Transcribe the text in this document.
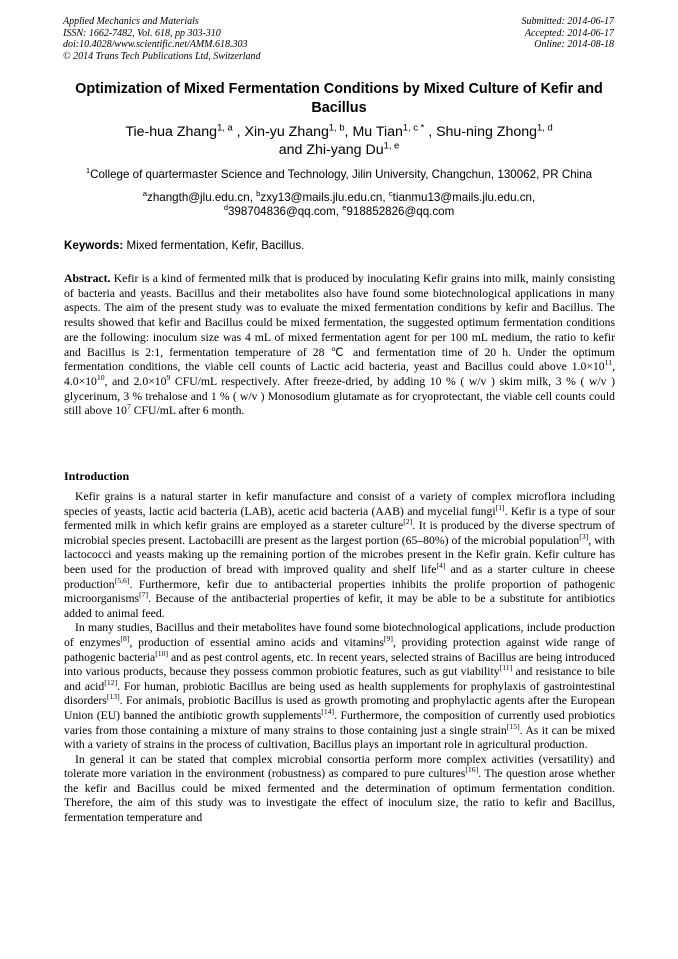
Applied Mechanics and Materials
ISSN: 1662-7482, Vol. 618, pp 303-310
doi:10.4028/www.scientific.net/AMM.618.303
© 2014 Trans Tech Publications Ltd, Switzerland
Submitted: 2014-06-17
Accepted: 2014-06-17
Online: 2014-08-18
Optimization of Mixed Fermentation Conditions by Mixed Culture of Kefir and Bacillus
Tie-hua Zhang$^{1, a}$ , Xin-yu Zhang$^{1, b}$, Mu Tian$^{1, c *}$ , Shu-ning Zhong$^{1, d}$
and Zhi-yang Du$^{1, e}$
$^1$College of quartermaster Science and Technology, Jilin University, Changchun, 130062, PR China
$^a$zhangth@jlu.edu.cn, $^b$zxy13@mails.jlu.edu.cn, $^c$tianmu13@mails.jlu.edu.cn,
$^d$398704836@qq.com, $^e$918852826@qq.com
Keywords: Mixed fermentation, Kefir, Bacillus.
Abstract. Kefir is a kind of fermented milk that is produced by inoculating Kefir grains into milk, mainly consisting of bacteria and yeasts. Bacillus and their metabolites also have found some biotechnological applications in many aspects. The aim of the present study was to evaluate the mixed fermentation conditions by kefir and Bacillus. The results showed that kefir and Bacillus could be mixed fermentation, the suggested optimum fermentation conditions are the following: inoculum size was 4 mL of mixed fermentation agent for per 100 mL medium, the ratio to kefir and Bacillus is 2:1, fermentation temperature of 28 ℃ and fermentation time of 20 h. Under the optimum fermentation conditions, the viable cell counts of Lactic acid bacteria, yeast and Bacillus could above $1.0\times 10^{11}$, $4.0\times 10^{10}$, and $2.0\times 10^9$ CFU/mL respectively. After freeze-dried, by adding 10 % ( w/v ) skim milk, 3 % ( w/v ) glycerinum, 3 % trehalose and 1 % ( w/v ) Monosodium glutamate as for cryoprotectant, the viable cell counts could still above $10^7$ CFU/mL after 6 month.
Introduction

Kefir grains is a natural starter in kefir manufacture and consist of a variety of complex microflora including species of yeasts, lactic acid bacteria (LAB), acetic acid bacteria (AAB) and mycelial fungi[1]. Kefir is a type of sour fermented milk in which kefir grains are employed as a stareter culture[2]. It is produced by the diverse spectrum of microbial species present. Lactobacilli are present as the largest portion (65–80%) of the microbial population[3], with lactococci and yeasts making up the remaining portion of the microbes present in the Kefir grain. Kefir culture has been used for the production of bread with improved quality and shelf life[4] and as a starter culture in cheese production[5,6]. Furthermore, kefir due to antibacterial properties inhibits the prolife proportion of pathogenic microorganisms[7]. Because of the antibacterial properties of kefir, it may be able to be a substitute for antibiotics added to animal feed.

In many studies, Bacillus and their metabolites have found some biotechnological applications, include production of enzymes[8], production of essential amino acids and vitamins[9], providing protection against wide range of pathogenic bacteria[10] and as pest control agents, etc. In recent years, selected strains of Bacillus are being introduced into various products, because they possess common probiotic features, such as gut viability[11] and resistance to bile and acid[12]. For human, probiotic Bacillus are being used as health supplements for prophylaxis of gastrointestinal disorders[13]. For animals, probiotic Bacillus is used as growth promoting and prophylactic agents after the European Union (EU) banned the antibiotic growth supplements[14]. Furthermore, the composition of currently used probiotics varies from those containing a mixture of many strains to those containing just a single strain[15]. As it can be mixed with a variety of strains in the process of cultivation, Bacillus plays an important role in agricultural production.

In general it can be stated that complex microbial consortia perform more complex activities (versatility) and tolerate more variation in the environment (robustness) as compared to pure cultures[16]. The question arose whether the kefir and Bacillus could be mixed fermented and the determination of optimum fermentation condition. Therefore, the aim of this study was to investigate the effect of inoculum size, the ratio to kefir and Bacillus, fermentation temperature and
